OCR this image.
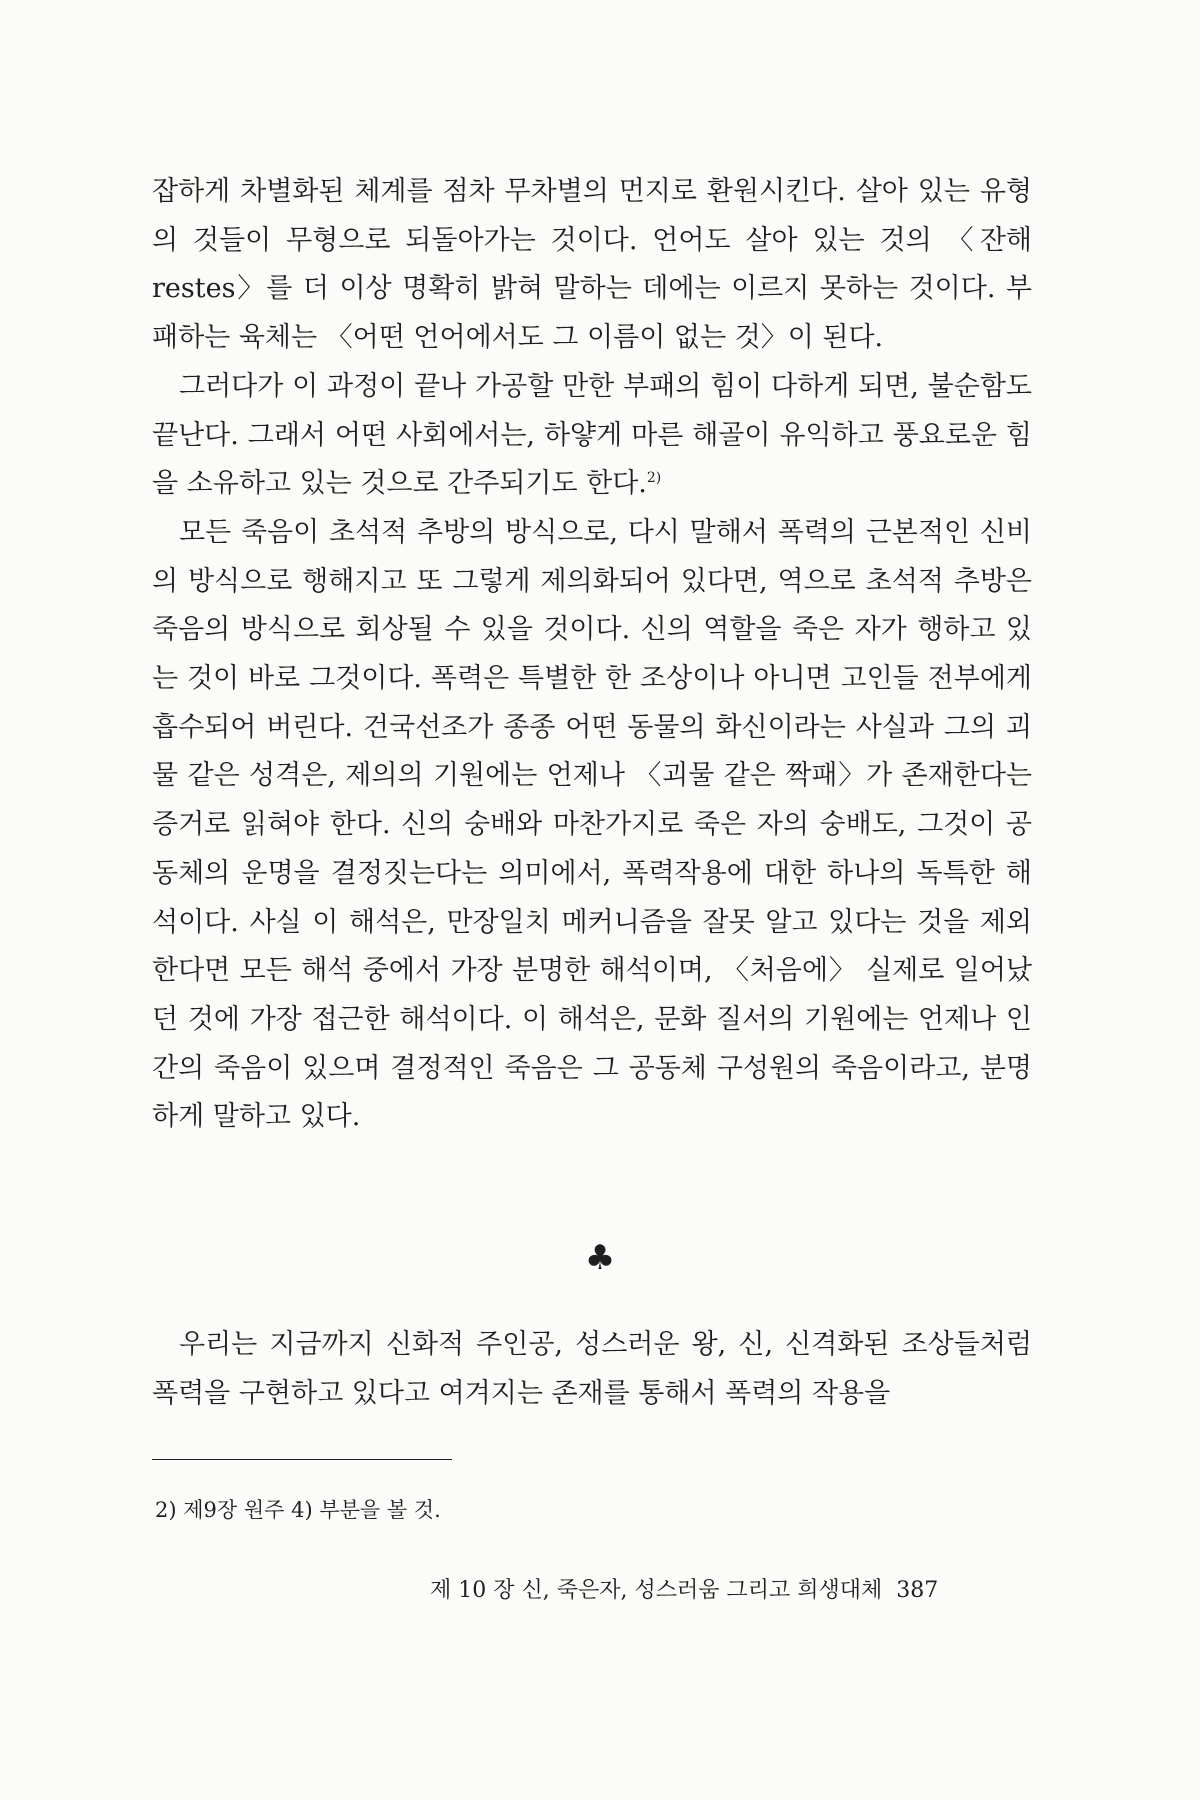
잡하게 차별화된 체계를 점차 무차별의 먼지로 환원시킨다. 살아 있는 유형의 것들이 무형으로 되돌아가는 것이다. 언어도 살아 있는 것의 〈잔해 restes〉를 더 이상 명확히 밝혀 말하는 데에는 이르지 못하는 것이다. 부패하는 육체는 〈어떤 언어에서도 그 이름이 없는 것〉이 된다.

그러다가 이 과정이 끝나 가공할 만한 부패의 힘이 다하게 되면, 불순함도 끝난다. 그래서 어떤 사회에서는, 하얗게 마른 해골이 유익하고 풍요로운 힘을 소유하고 있는 것으로 간주되기도 한다.$^{2)}$

모든 죽음이 초석적 추방의 방식으로, 다시 말해서 폭력의 근본적인 신비의 방식으로 행해지고 또 그렇게 제의화되어 있다면, 역으로 초석적 추방은 죽음의 방식으로 회상될 수 있을 것이다. 신의 역할을 죽은 자가 행하고 있는 것이 바로 그것이다. 폭력은 특별한 한 조상이나 아니면 고인들 전부에게 흡수되어 버린다. 건국선조가 종종 어떤 동물의 화신이라는 사실과 그의 괴물 같은 성격은, 제의의 기원에는 언제나 〈괴물 같은 짝패〉가 존재한다는 증거로 읽혀야 한다. 신의 숭배와 마찬가지로 죽은 자의 숭배도, 그것이 공동체의 운명을 결정짓는다는 의미에서, 폭력작용에 대한 하나의 독특한 해석이다. 사실 이 해석은, 만장일치 메커니즘을 잘못 알고 있다는 것을 제외한다면 모든 해석 중에서 가장 분명한 해석이며, 〈처음에〉 실제로 일어났던 것에 가장 접근한 해석이다. 이 해석은, 문화 질서의 기원에는 언제나 인간의 죽음이 있으며 결정적인 죽음은 그 공동체 구성원의 죽음이라고, 분명하게 말하고 있다.

♣

우리는 지금까지 신화적 주인공, 성스러운 왕, 신, 신격화된 조상들처럼 폭력을 구현하고 있다고 여겨지는 존재를 통해서 폭력의 작용을

2) 제9장 원주 4) 부분을 볼 것.

제 10 장 신, 죽은자, 성스러움 그리고 희생대체 387
